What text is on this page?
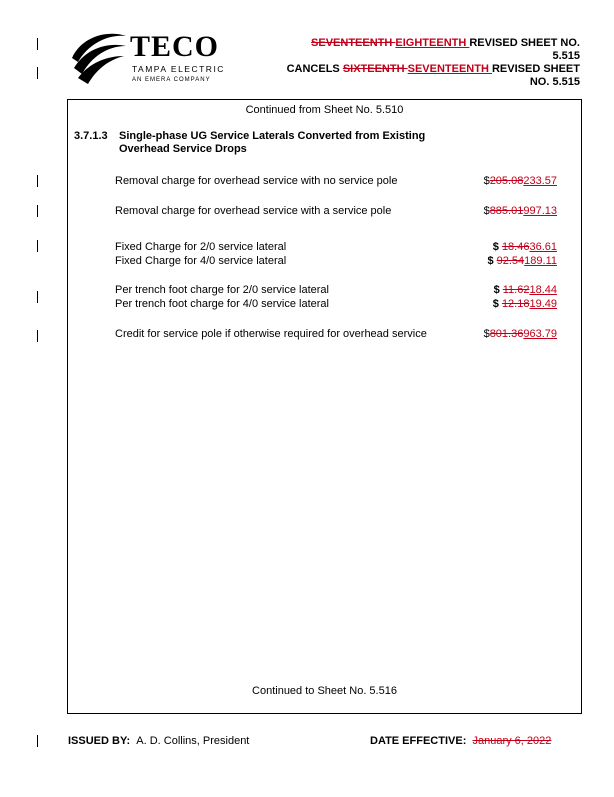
TECO
TAMPA ELECTRIC
AN EMERA COMPANY
SEVENTEENTH EIGHTEENTH REVISED SHEET NO.
5.515
CANCELS SIXTEENTH SEVENTEENTH REVISED SHEET
NO. 5.515
Continued from Sheet No. 5.510
3.7.1.3 Single-phase UG Service Laterals Converted from Existing Overhead Service Drops
Removal charge for overhead service with no service pole	$205.08233.57
Removal charge for overhead service with a service pole	$885.01997.13
Fixed Charge for 2/0 service lateral	$ 18.4636.61
Fixed Charge for 4/0 service lateral	$ 92.54189.11
Per trench foot charge for 2/0 service lateral	$ 11.6218.44
Per trench foot charge for 4/0 service lateral	$ 12.1819.49
Credit for service pole if otherwise required for overhead service	$801.36963.79
Continued to Sheet No. 5.516
ISSUED BY: A. D. Collins, President	DATE EFFECTIVE: January 6, 2022
